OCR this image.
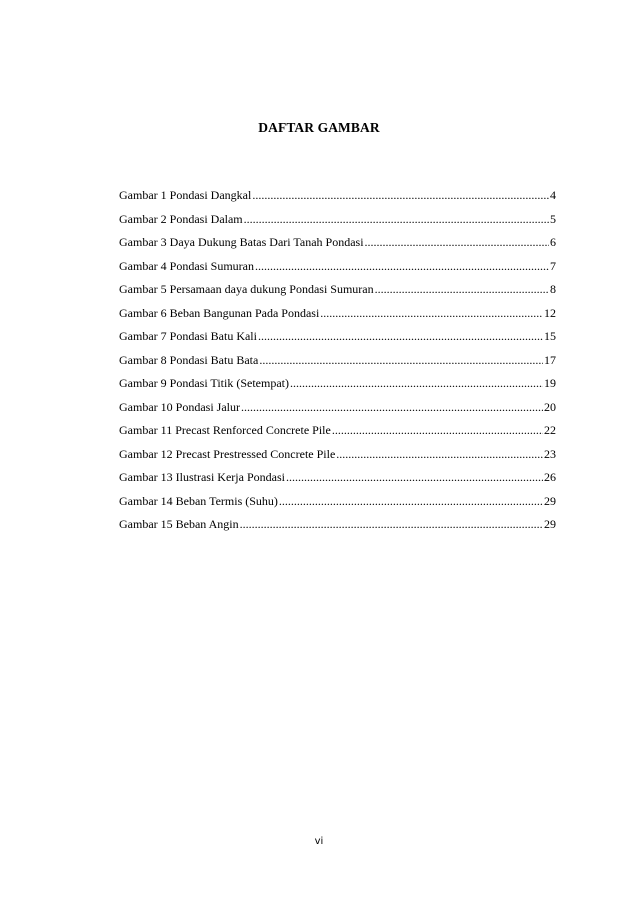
DAFTAR GAMBAR
Gambar 1 Pondasi Dangkal .....	4
Gambar 2 Pondasi Dalam .....	5
Gambar 3 Daya Dukung Batas Dari Tanah Pondasi .....	6
Gambar 4 Pondasi Sumuran .....	7
Gambar 5 Persamaan daya dukung Pondasi Sumuran .....	8
Gambar 6 Beban Bangunan Pada Pondasi .....	12
Gambar 7 Pondasi Batu Kali .....	15
Gambar 8 Pondasi Batu Bata .....	17
Gambar 9 Pondasi Titik (Setempat) .....	19
Gambar 10 Pondasi Jalur .....	20
Gambar 11 Precast Renforced Concrete Pile .....	22
Gambar 12 Precast Prestressed Concrete Pile .....	23
Gambar 13 Ilustrasi Kerja Pondasi .....	26
Gambar 14 Beban Termis (Suhu) .....	29
Gambar 15 Beban Angin .....	29
vi
